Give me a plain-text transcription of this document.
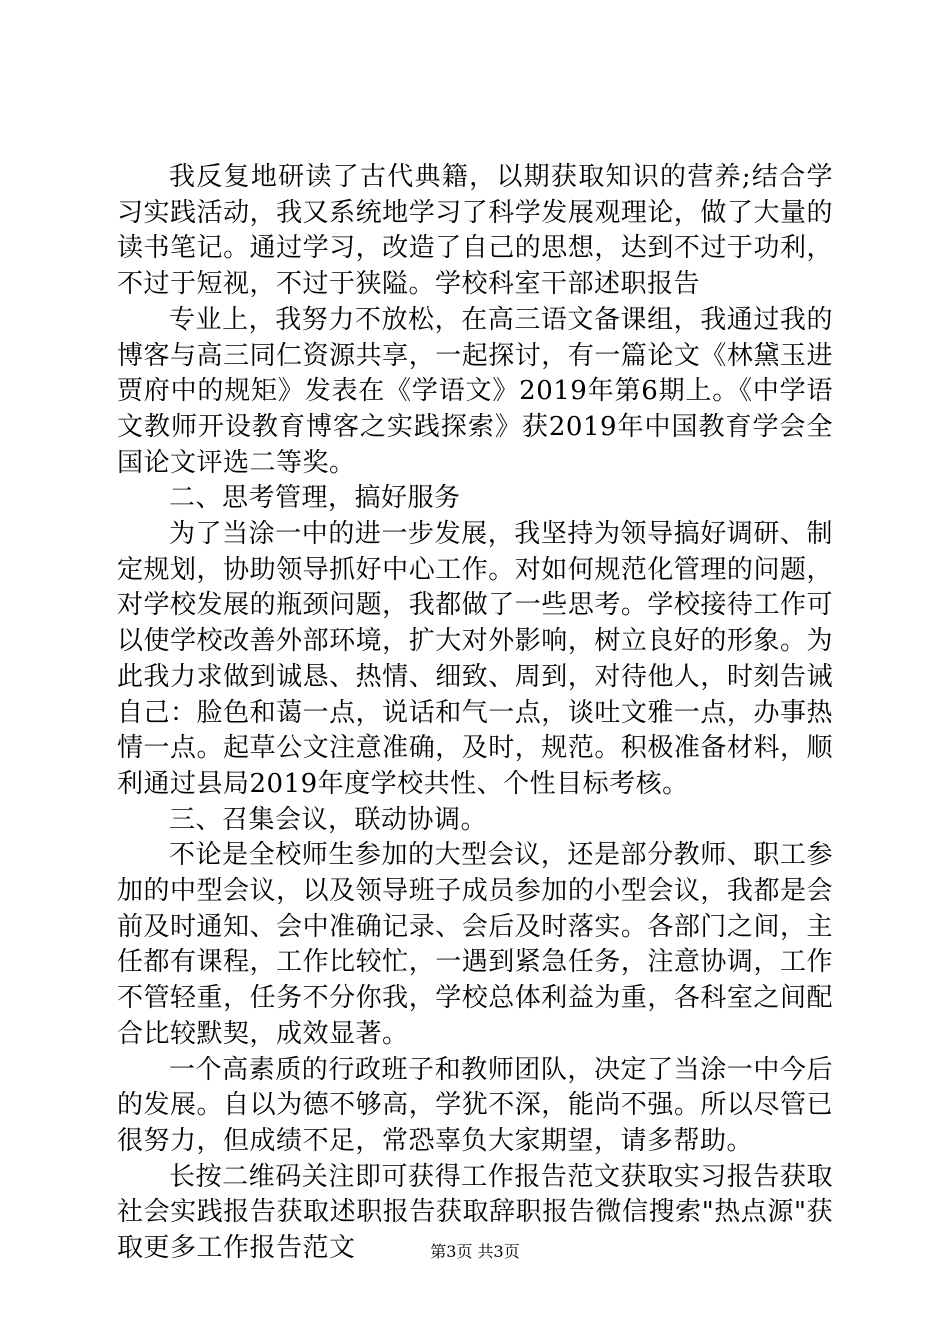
我反复地研读了古代典籍，以期获取知识的营养;结合学习实践活动，我又系统地学习了科学发展观理论，做了大量的读书笔记。通过学习，改造了自己的思想，达到不过于功利，不过于短视，不过于狭隘。学校科室干部述职报告

专业上，我努力不放松，在高三语文备课组，我通过我的博客与高三同仁资源共享，一起探讨，有一篇论文《林黛玉进贾府中的规矩》发表在《学语文》2019年第6期上。《中学语文教师开设教育博客之实践探索》获2019年中国教育学会全国论文评选二等奖。

二、思考管理，搞好服务

为了当涂一中的进一步发展，我坚持为领导搞好调研、制定规划，协助领导抓好中心工作。对如何规范化管理的问题，对学校发展的瓶颈问题，我都做了一些思考。学校接待工作可以使学校改善外部环境，扩大对外影响，树立良好的形象。为此我力求做到诚恳、热情、细致、周到，对待他人，时刻告诫自己：脸色和蔼一点，说话和气一点，谈吐文雅一点，办事热情一点。起草公文注意准确，及时，规范。积极准备材料，顺利通过县局2019年度学校共性、个性目标考核。

三、召集会议，联动协调。

不论是全校师生参加的大型会议，还是部分教师、职工参加的中型会议，以及领导班子成员参加的小型会议，我都是会前及时通知、会中准确记录、会后及时落实。各部门之间，主任都有课程，工作比较忙，一遇到紧急任务，注意协调，工作不管轻重，任务不分你我，学校总体利益为重，各科室之间配合比较默契，成效显著。

一个高素质的行政班子和教师团队，决定了当涂一中今后的发展。自以为德不够高，学犹不深，能尚不强。所以尽管已很努力，但成绩不足，常恐辜负大家期望，请多帮助。

长按二维码关注即可获得工作报告范文获取实习报告获取社会实践报告获取述职报告获取辞职报告微信搜索"热点源"获取更多工作报告范文	第3页 共3页
